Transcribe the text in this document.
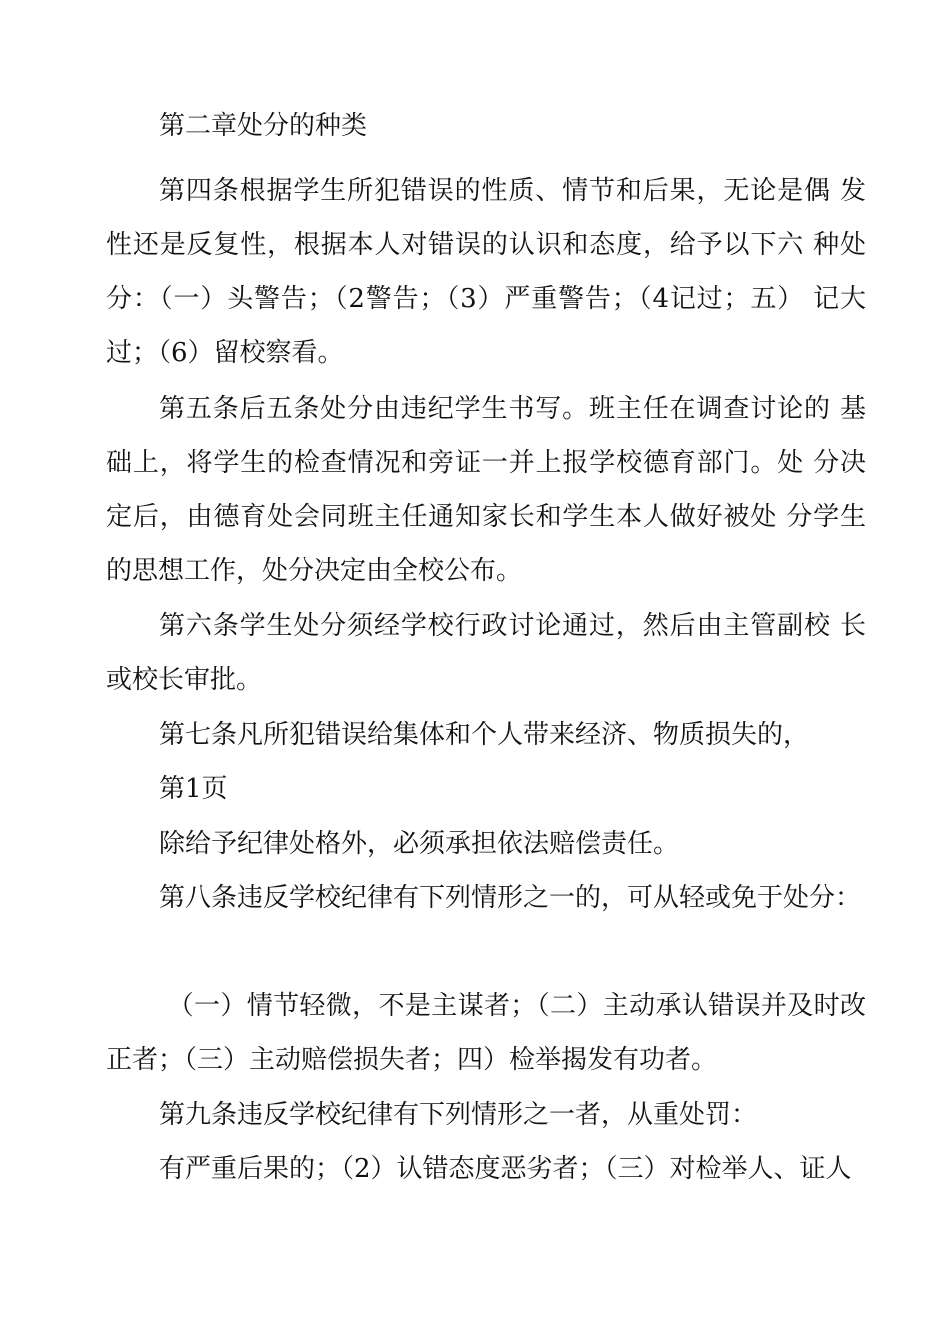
第二章处分的种类

第四条根据学生所犯错误的性质、情节和后果，无论是偶 发性还是反复性，根据本人对错误的认识和态度，给予以下六 种处分：（一）头警告；（2警告；（3）严重警告；（4记过；五） 记大过；（6）留校察看。

第五条后五条处分由违纪学生书写。班主任在调查讨论的 基础上，将学生的检查情况和旁证一并上报学校德育部门。处 分决定后，由德育处会同班主任通知家长和学生本人做好被处 分学生的思想工作，处分决定由全校公布。

第六条学生处分须经学校行政讨论通过，然后由主管副校 长或校长审批。

第七条凡所犯错误给集体和个人带来经济、物质损失的，

第1页

除给予纪律处格外，必须承担依法赔偿责任。

第八条违反学校纪律有下列情形之一的，可从轻或免于处分：

（一）情节轻微，不是主谋者；（二）主动承认错误并及时改正者；（三）主动赔偿损失者；四）检举揭发有功者。

第九条违反学校纪律有下列情形之一者，从重处罚：

有严重后果的；（2）认错态度恶劣者；（三）对检举人、证人
